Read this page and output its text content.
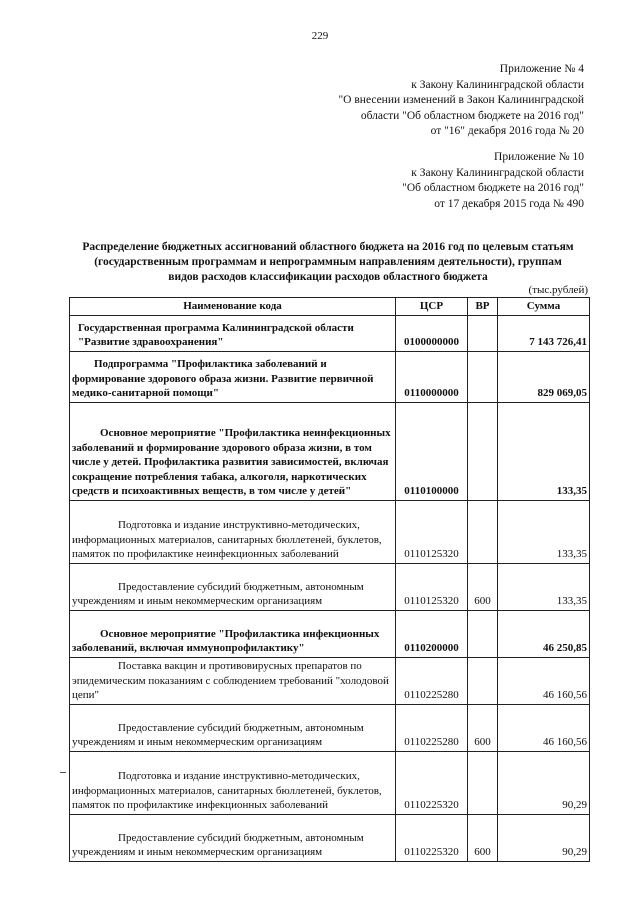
229
Приложение № 4
к Закону Калининградской области
"О внесении изменений в Закон Калининградской
области "Об областном бюджете на 2016 год"
от "16" декабря 2016 года № 20
Приложение № 10
к Закону Калининградской области
"Об областном бюджете на 2016 год"
от 17 декабря 2015 года № 490
Распределение бюджетных ассигнований областного бюджета на 2016 год по целевым статьям
(государственным программам и непрограммным направлениям деятельности), группам
видов расходов классификации расходов областного бюджета
(тыс.рублей)
Наименование кода	ЦСР	ВР	Сумма
Государственная программа Калининградской области "Развитие здравоохранения"	0100000000		7 143 726,41
Подпрограмма "Профилактика заболеваний и формирование здорового образа жизни. Развитие первичной медико-санитарной помощи"	0110000000		829 069,05
Основное мероприятие "Профилактика неинфекционных заболеваний и формирование здорового образа жизни, в том числе у детей. Профилактика развития зависимостей, включая сокращение потребления табака, алкоголя, наркотических средств и психоактивных веществ, в том числе у детей"	0110100000		133,35
Подготовка и издание инструктивно-методических, информационных материалов, санитарных бюллетеней, буклетов, памяток по профилактике неинфекционных заболеваний	0110125320		133,35
Предоставление субсидий бюджетным, автономным учреждениям и иным некоммерческим организациям	0110125320	600	133,35
Основное мероприятие "Профилактика инфекционных заболеваний, включая иммунопрофилактику"	0110200000		46 250,85
Поставка вакцин и противовирусных препаратов по эпидемическим показаниям с соблюдением требований "холодовой цепи"	0110225280		46 160,56
Предоставление субсидий бюджетным, автономным учреждениям и иным некоммерческим организациям	0110225280	600	46 160,56
Подготовка и издание инструктивно-методических, информационных материалов, санитарных бюллетеней, буклетов, памяток по профилактике инфекционных заболеваний	0110225320		90,29
Предоставление субсидий бюджетным, автономным учреждениям и иным некоммерческим организациям	0110225320	600	90,29
